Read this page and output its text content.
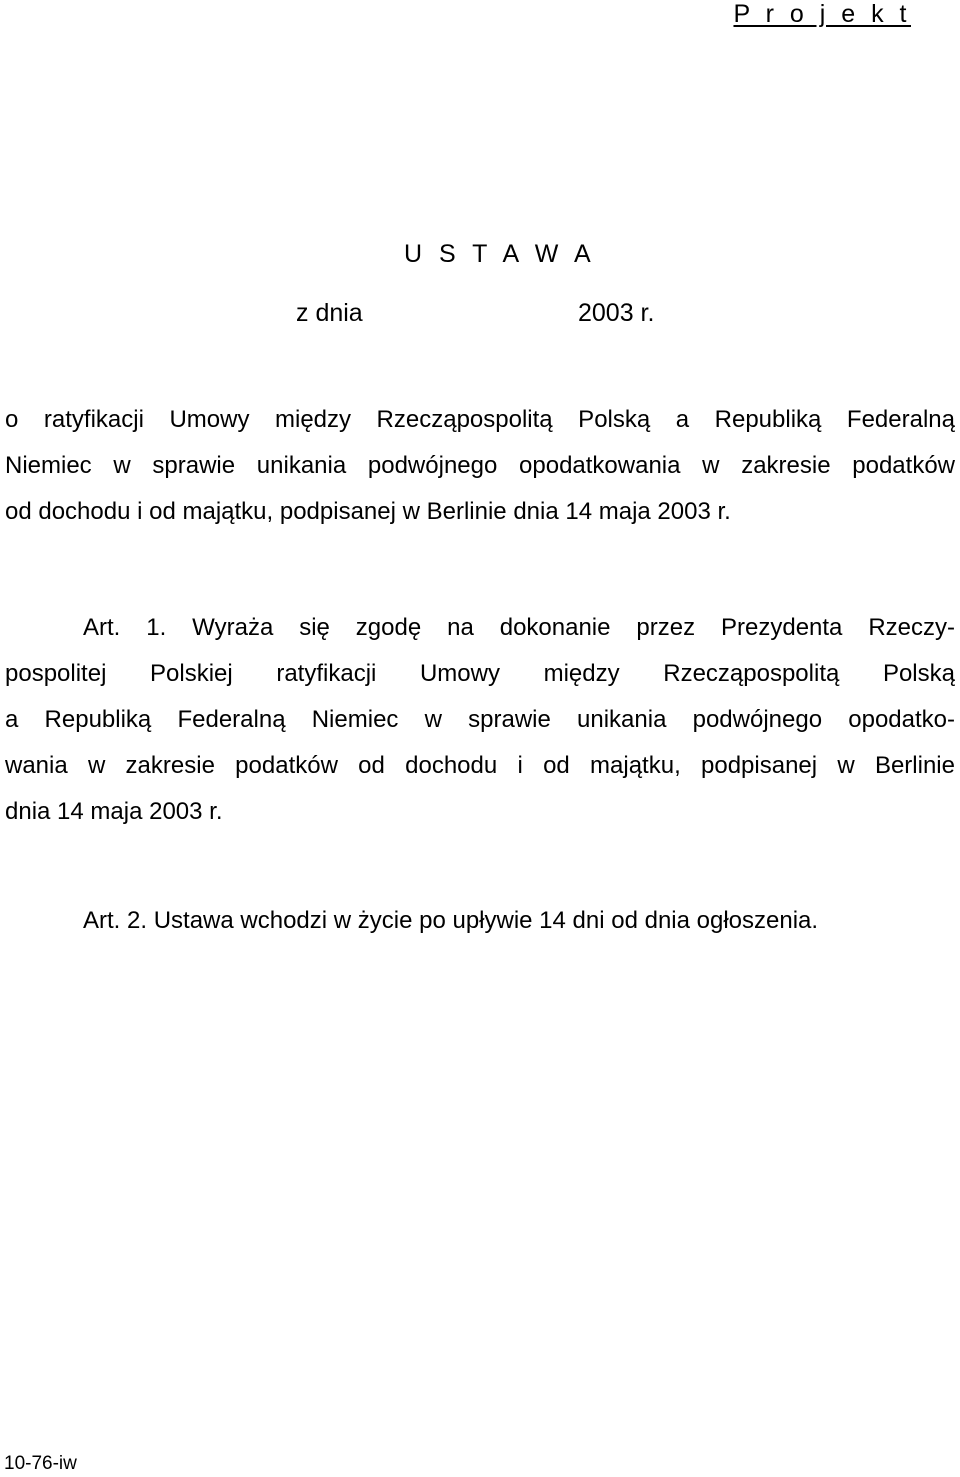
P r o j e k t
U S T A W A
z dnia	2003 r.
o ratyfikacji Umowy między Rzecząpospolitą Polską a Republiką Federalną
Niemiec w sprawie unikania podwójnego opodatkowania w zakresie podatków
od dochodu i od majątku, podpisanej w Berlinie dnia 14 maja 2003 r.
Art. 1. Wyraża się zgodę na dokonanie przez Prezydenta Rzeczy-
pospolitej Polskiej ratyfikacji Umowy między Rzecząpospolitą Polską
a Republiką Federalną Niemiec w sprawie unikania podwójnego opodatko-
wania w zakresie podatków od dochodu i od majątku, podpisanej w Berlinie
dnia 14 maja 2003 r.
Art. 2. Ustawa wchodzi w życie po upływie 14 dni od dnia ogłoszenia.
10-76-iw
